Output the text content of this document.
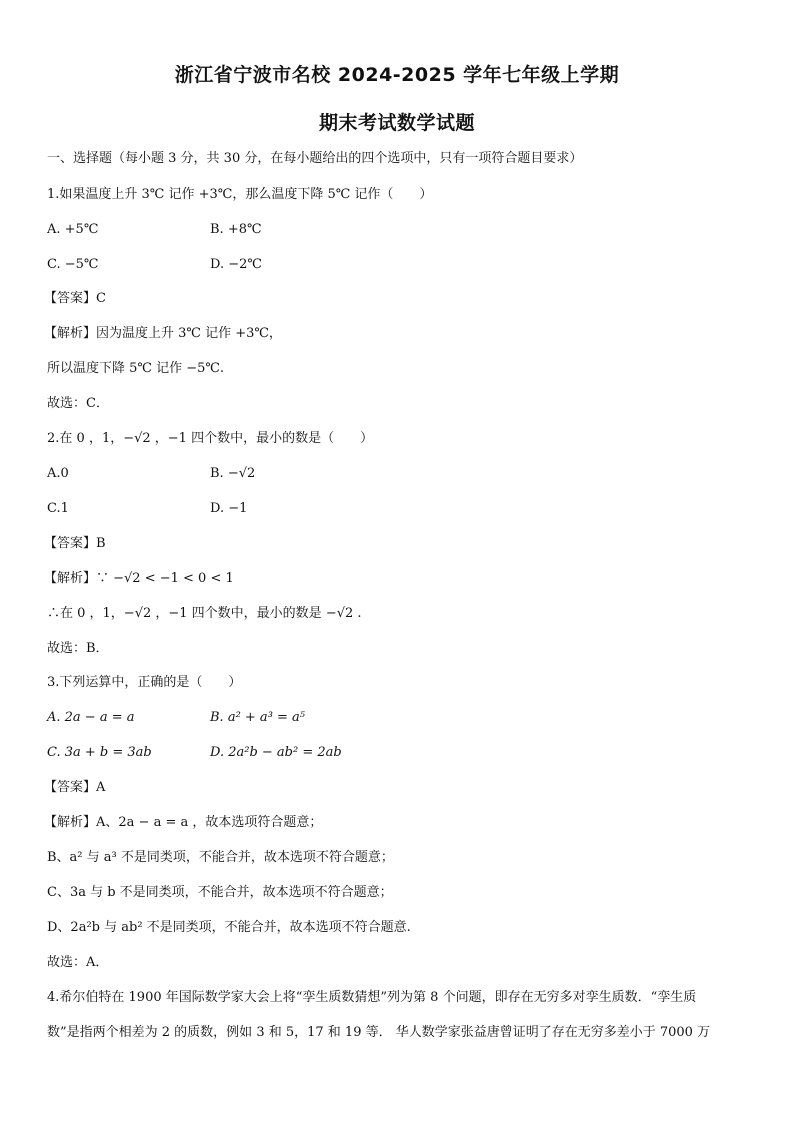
浙江省宁波市名校 2024-2025 学年七年级上学期
期末考试数学试题
一、选择题（每小题 3 分，共 30 分，在每小题给出的四个选项中，只有一项符合题目要求）
1.如果温度上升 3℃ 记作 +3℃，那么温度下降 5℃ 记作（　　）
A. +5℃	B. +8℃
C. −5℃	D. −2℃
【答案】C
【解析】因为温度上升 3℃ 记作 +3℃，
所以温度下降 5℃ 记作 −5℃.
故选：C．
2.在 0 ，1，−√2 ，−1 四个数中，最小的数是（　　）
A.0	B. −√2
C.1	D. −1
【答案】B
【解析】∵ −√2 < −1 < 0 < 1
∴在 0 ，1，−√2 ，−1 四个数中，最小的数是 −√2 .
故选：B．
3.下列运算中，正确的是（　　）
A. 2a − a = a	B. a² + a³ = a⁵
C. 3a + b = 3ab	D. 2a²b − ab² = 2ab
【答案】A
【解析】A、2a − a = a ，故本选项符合题意；
B、a² 与 a³ 不是同类项，不能合并，故本选项不符合题意；
C、3a 与 b 不是同类项，不能合并，故本选项不符合题意；
D、2a²b 与 ab² 不是同类项，不能合并，故本选项不符合题意.
故选：A．
4.希尔伯特在 1900 年国际数学家大会上将“孪生质数猜想”列为第 8 个问题，即存在无穷多对孪生质数．“孪生质
数”是指两个相差为 2 的质数，例如 3 和 5，17 和 19 等． 华人数学家张益唐曾证明了存在无穷多差小于 7000 万
